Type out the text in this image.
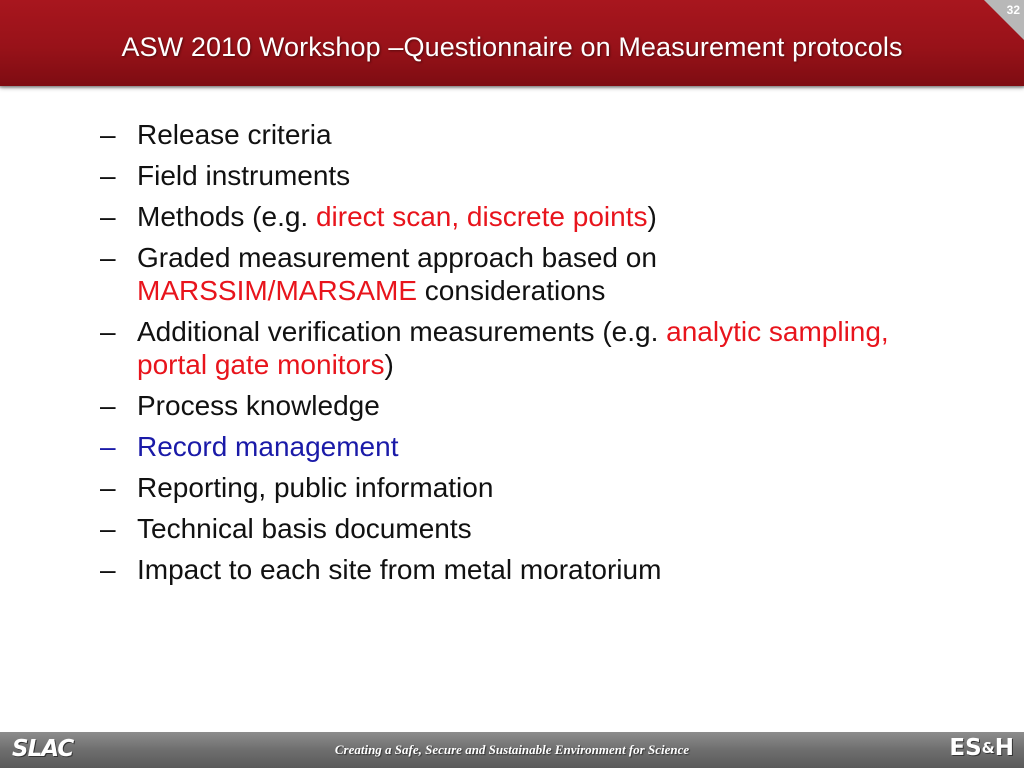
32
ASW 2010 Workshop –Questionnaire on Measurement protocols
– Release criteria
– Field instruments
– Methods (e.g. direct scan, discrete points)
– Graded measurement approach based on MARSSIM/MARSAME considerations
– Additional verification measurements (e.g. analytic sampling, portal gate monitors)
– Process knowledge
– Record management
– Reporting, public information
– Technical basis documents
– Impact to each site from metal moratorium
SLAC	Creating a Safe, Secure and Sustainable Environment for Science	ES&H
